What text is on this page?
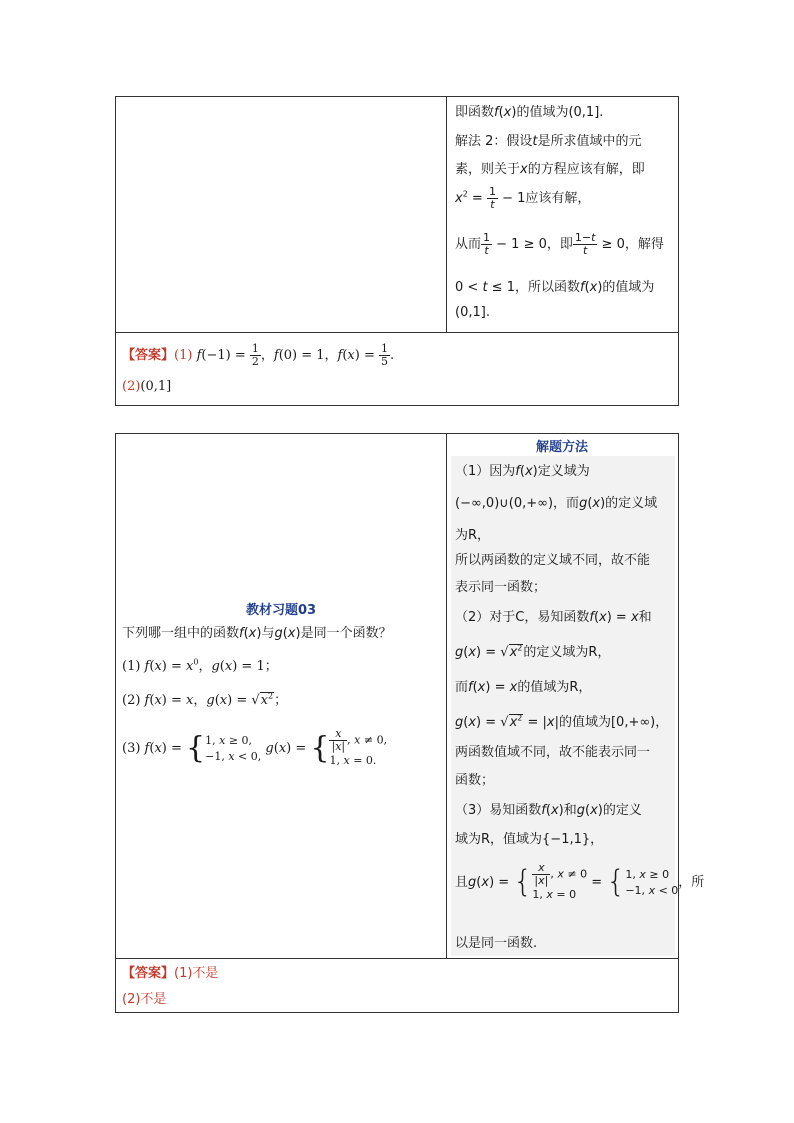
即函数f(x)的值域为(0,1].
解法 2：假设t是所求值域中的元
素，则关于x的方程应该有解，即
$x^2 = \frac{1}{t} - 1$应该有解，
从而 $\frac{1}{t} - 1 \ge 0$，即 $\frac{1-t}{t} \ge 0$，解得
0 < t ≤ 1，所以函数f(x)的值域为
(0,1].
【答案】(1) $f(-1) = \frac{1}{2}$ ，f(0) = 1，$f(x) = \frac{1}{5}$ .
(2)(0,1]
解题方法
（1）因为f(x)定义域为
(−∞,0)∪(0,+∞)，而g(x)的定义域
为R，
所以两函数的定义域不同，故不能
表示同一函数；
（2）对于C，易知函数f(x) = x和
$g(x) = √x^2$的定义域为R，
而f(x) = x的值域为R，
$g(x) = √x^2 = |x|$的值域为[0,+∞)，
两函数值域不同，故不能表示同一
函数；
（3）易知函数f(x)和g(x)的定义
域为R，值域为{−1,1}，
且g(x) = { $\frac{x}{|x|}$ , x ≠ 0
1, x = 0 = {1, x ≥ 0
−1, x < 0，所
以是同一函数.
教材习题03
下列哪一组中的函数f(x)与g(x)是同一个函数？
(1) $f(x) = x^0$，g(x) = 1；
(2) f(x) = x，$g(x) = √x^2$；
(3) f(x) = {1, x ≥ 0,
−1, x < 0, g(x) = { $\frac{x}{|x|}$ , x ≠ 0,
1, x = 0.
【答案】(1)不是
(2)不是
